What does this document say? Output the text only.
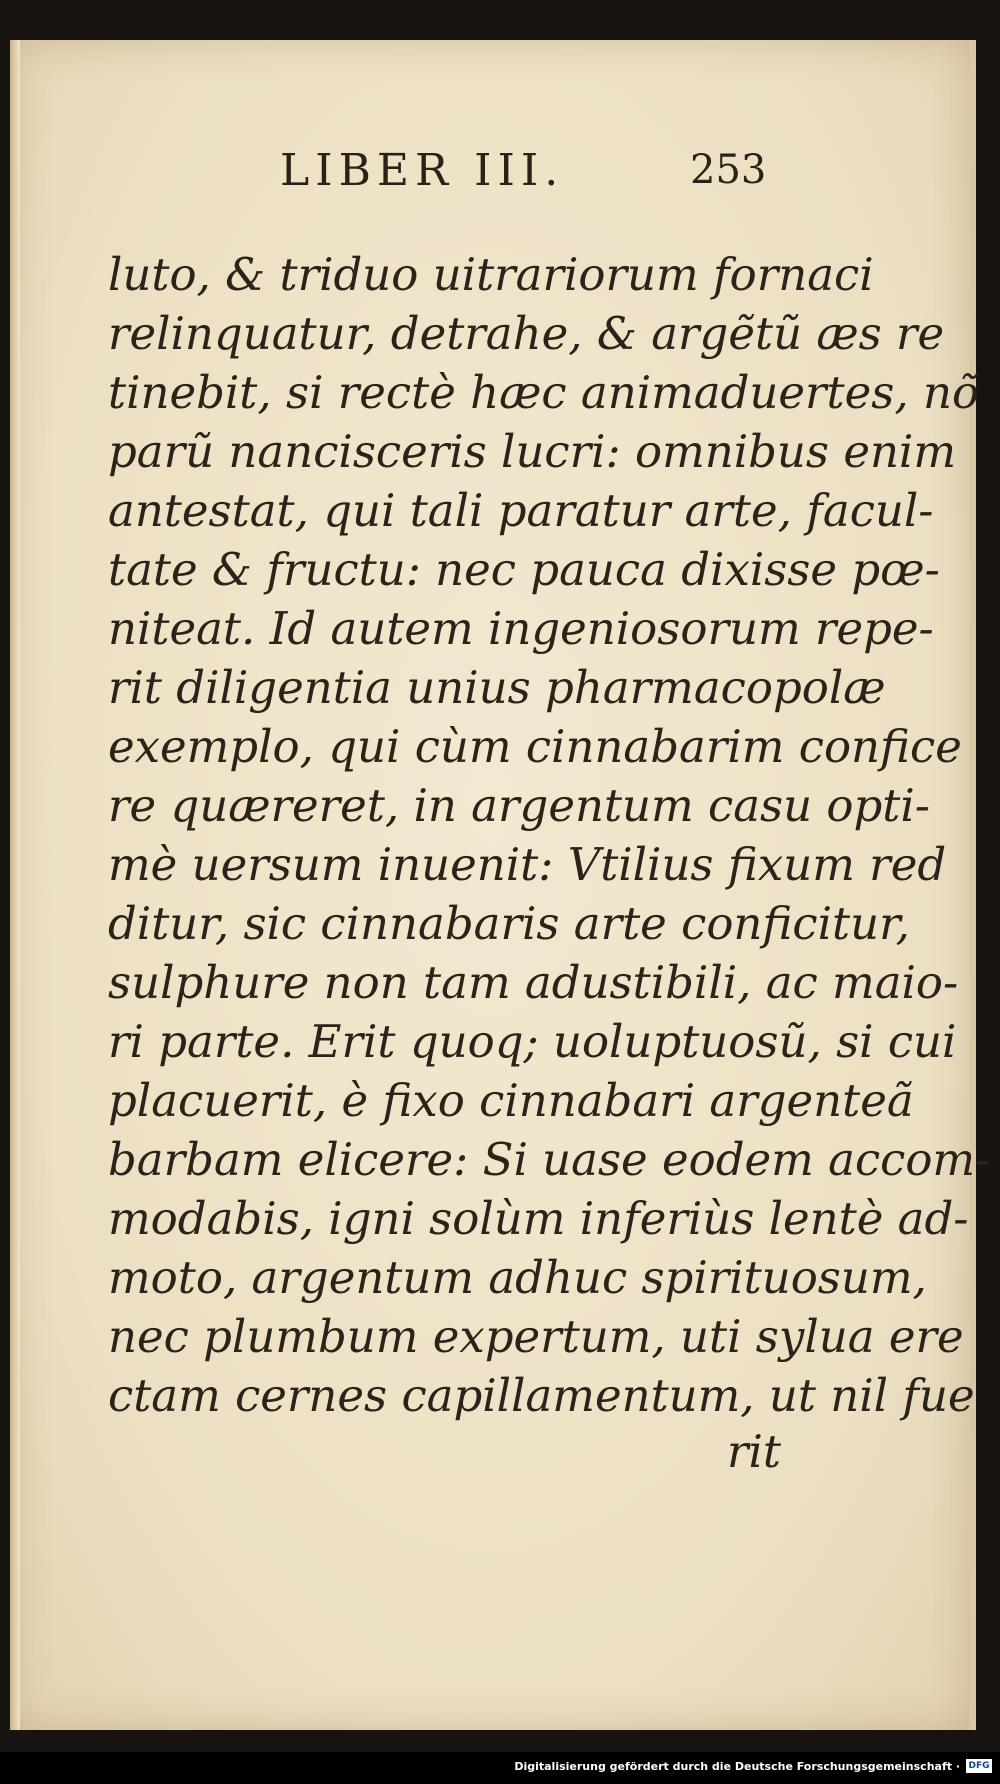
LIBER III.	253
luto, & triduo uitrariorum fornaci
relinquatur, detrahe, & argẽtũ æs re
tinebit, si rectè hæc animaduertes, nõ
parũ nancisceris lucri: omnibus enim
antestat, qui tali paratur arte, facul-
tate & fructu: nec pauca dixisse pœ-
niteat. Id autem ingeniosorum repe-
rit diligentia unius pharmacopolæ
exemplo, qui cùm cinnabarim confice
re quæreret, in argentum casu opti-
mè uersum inuenit: Vtilius fixum red
ditur, sic cinnabaris arte conficitur,
sulphure non tam adustibili, ac maio-
ri parte. Erit quoq; uoluptuosũ, si cui
placuerit, è fixo cinnabari argenteã
barbam elicere: Si uase eodem accom-
modabis, igni solùm inferiùs lentè ad-
moto, argentum adhuc spirituosum,
nec plumbum expertum, uti sylua ere
ctam cernes capillamentum, ut nil fue
rit
Digitalisierung gefördert durch die Deutsche Forschungsgemeinschaft · DFG
